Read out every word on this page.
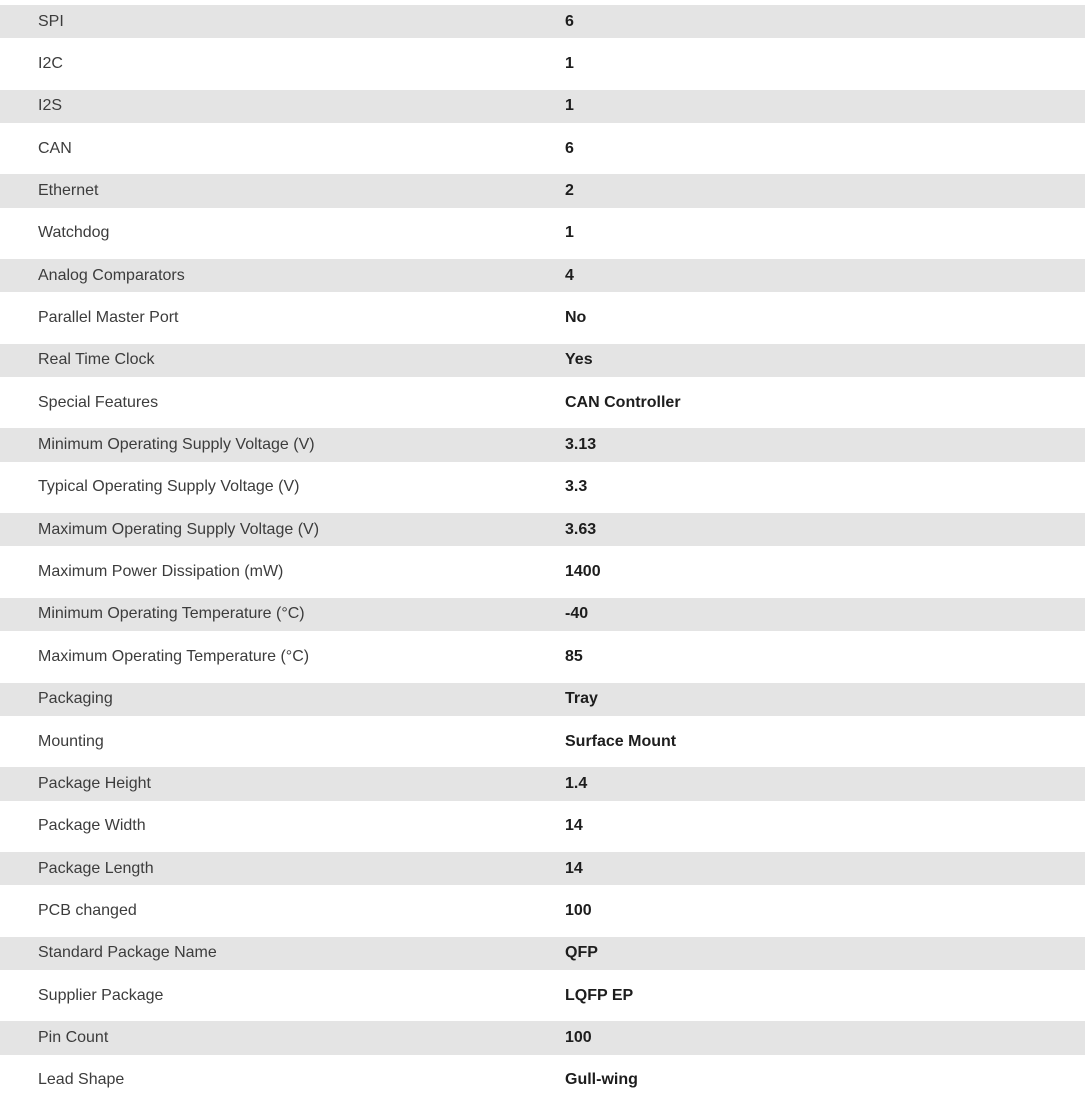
SPI	6
I2C	1
I2S	1
CAN	6
Ethernet	2
Watchdog	1
Analog Comparators	4
Parallel Master Port	No
Real Time Clock	Yes
Special Features	CAN Controller
Minimum Operating Supply Voltage (V)	3.13
Typical Operating Supply Voltage (V)	3.3
Maximum Operating Supply Voltage (V)	3.63
Maximum Power Dissipation (mW)	1400
Minimum Operating Temperature (°C)	-40
Maximum Operating Temperature (°C)	85
Packaging	Tray
Mounting	Surface Mount
Package Height	1.4
Package Width	14
Package Length	14
PCB changed	100
Standard Package Name	QFP
Supplier Package	LQFP EP
Pin Count	100
Lead Shape	Gull-wing
